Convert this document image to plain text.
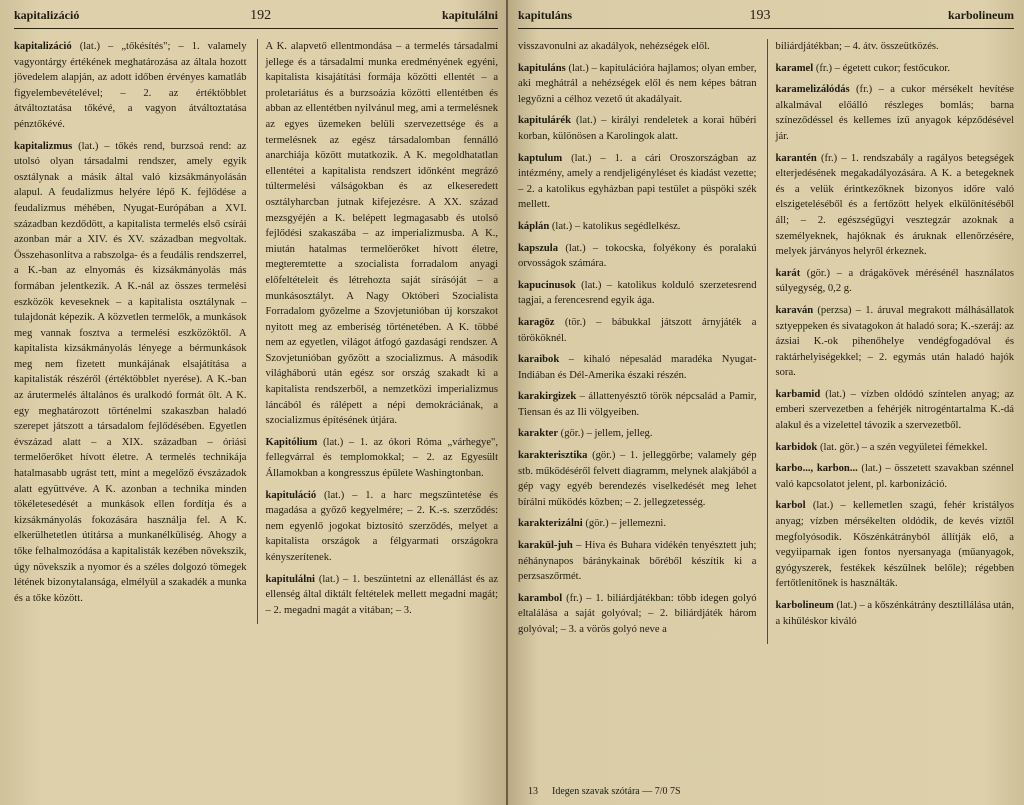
kapitalizáció	192	kapitulálni

kapitalizáció (lat.) – „tőkésítés"; – 1. valamely vagyontárgy értékének meghatározása az általa hozott jövedelem alapján, az adott időben érvényes kamatláb figyelembevételével; – 2. az értéktöbblet átváltoztatása tőkévé, a vagyon átváltoztatása pénztőkévé.

kapitalizmus (lat.) – tőkés rend, burzsoá rend: az utolsó olyan társadalmi rendszer, amely egyik osztálynak a másik által való kizsákmányolásán alapul. A feudalizmus helyére lépő K. fejlődése a feudalizmus méhében, Nyugat-Európában a XVI. században kezdődött, a kapitalista termelés első csírái azonban már a XIV. és XV. században megvoltak. Összehasonlítva a rabszolga- és a feudális rendszerrel, a K.-ban az elnyomás és kizsákmányolás más formában jelentkezik. A K.-nál az összes termelési eszközök keveseknek – a kapitalista osztálynak – tulajdonát képezik. A közvetlen termelők, a munkások meg vannak fosztva a termelési eszközöktől. A kapitalista kizsákmányolás lényege a bérmunkások meg nem fizetett munkájának elsajátítása a kapitalisták részéről (értéktöbblet nyerése). A K.-ban az árutermelés általános és uralkodó formát ölt. A K. egy meghatározott történelmi szakaszban haladó szerepet játszott a társadalom fejlődésében. Egyetlen évszázad alatt – a XIX. században – óriási termelőerőket hívott életre. A termelés technikája hatalmasabb ugrást tett, mint a megelőző évszázadok alatt együttvéve. A K. azonban a technika minden tökéletesedését a munkások ellen fordítja és a kizsákmányolás fokozására használja fel. A K. elkerülhetetlen útitársa a munkanélküliség. Ahogy a tőke felhalmozódása a kapitalisták kezében növekszik, úgy növekszik a nyomor és a széles dolgozó tömegek létének bizonytalansága, elmélyül a szakadék a munka és a tőke között.

A K. alapvető ellentmondása – a termelés társadalmi jellege és a társadalmi munka eredményének egyéni, kapitalista kisajátítási formája közötti ellentét – a proletariátus és a burzsoázia közötti ellentétben és abban az ellentétben nyilvánul meg, ami a termelésnek az egyes üzemeken belüli szervezettsége és a termelésnek az egész társadalomban fennálló anarchiája között mutatkozik. A K. megoldhatatlan ellentétei a kapitalista rendszert időnként megrázó túltermelési válságokban és az elkeseredett osztályharcban jutnak kifejezésre. A XX. század mezsgyéjén a K. belépett legmagasabb és utolsó fejlődési szakaszába – az imperializmusba. A K., miután hatalmas termelőerőket hívott életre, megteremtette a szocialista forradalom anyagi előfeltételeit és létrehozta saját sírásóját – a munkásosztályt. A Nagy Októberi Szocialista Forradalom győzelme a Szovjetunióban új korszakot nyitott meg az emberiség történetében. A K. többé nem az egyetlen, világot átfogó gazdasági rendszer. A Szovjetunióban győzött a szocializmus. A második világháború után egész sor ország szakadt ki a kapitalista rendszerből, a nemzetközi imperializmus láncából és rálépett a népi demokráciának, a szocializmus építésének útjára.

Kapitólium (lat.) – 1. az ókori Róma „várhegye", fellegvárral és templomokkal; – 2. az Egyesült Államokban a kongresszus épülete Washingtonban.

kapituláció (lat.) – 1. a harc megszüntetése és magadása a győző kegyelmére; – 2. K.-s. szerződés: nem egyenlő jogokat biztosító szerződés, melyet a kapitalista országok a félgyarmati országokra kényszerítenek.

kapitulálni (lat.) – 1. beszüntetni az ellenállást és az ellenség által diktált feltételek mellett megadni magát; – 2. megadni magát a vitában; – 3.

kapituláns	193	karbolineum

visszavonulni az akadályok, nehézségek elől.

kapituláns (lat.) – kapitulációra hajlamos; olyan ember, aki meghátrál a nehézségek elől és nem képes bátran legyőzni a célhoz vezető út akadályait.

kapitulárék (lat.) – királyi rendeletek a korai hűbéri korban, különösen a Karolingok alatt.

kaptulum (lat.) – 1. a cári Oroszországban az intézmény, amely a rendjeligényléset és kiadást vezette; – 2. a katolikus egyházban papi testület a püspöki szék mellett.

káplán (lat.) – katolikus segédlelkész.

kapszula (lat.) – tokocska, folyékony és poralakú orvosságok számára.

kapucinusok (lat.) – katolikus kolduló szerzetesrend tagjai, a ferencesrend egyik ága.

karagöz (tör.) – bábukkal játszott árnyjáték a törököknél.

karaibok – kihaló népesalád maradéka Nyugat-Indiában és Dél-Amerika északi részén.

karakirgizek – állattenyésztő török népcsalád a Pamir, Tiensan és az Ili völgyeiben.

karakter (gör.) – jellem, jelleg.

karakterisztika (gör.) – 1. jelleggörbe; valamely gép stb. működéséről felvett diagramm, melynek alakjából a gép vagy egyéb berendezés viselkedését meg lehet bírálni működés közben; – 2. jellegzetesség.

karakterizálni (gör.) – jellemezni.

karakül-juh – Hiva és Buhara vidékén tenyésztett juh; néhánynapos báránykainak bőréből készítik ki a perzsaszőrmét.

karambol (fr.) – 1. biliárdjátékban: több idegen golyó eltalálása a saját golyóval; – 2. biliárdjáték három golyóval; – 3. a vörös golyó neve a

biliárdjátékban; – 4. átv. összeütközés.

karamel (fr.) – égetett cukor; festőcukor.

karamelizálódás (fr.) – a cukor mérsékelt hevítése alkalmával előálló részleges bomlás; barna színeződéssel és kellemes ízű anyagok képződésével jár.

karantén (fr.) – 1. rendszabály a ragályos betegségek elterjedésének megakadályozására. A K. a betegeknek és a velük érintkezőknek bizonyos időre való elszigeteléséből és a fertőzött helyek elkülönítéséből áll; – 2. egészségügyi vesztegzár azoknak a személyeknek, hajóknak és áruknak ellenőrzésére, melyek járványos helyről érkeznek.

karát (gör.) – a drágakövek mérésénél használatos súlyegység, 0,2 g.

karaván (perzsa) – 1. áruval megrakott málhásállatok sztyeppeken és sivatagokon át haladó sora; K.-szeráj: az ázsiai K.-ok pihenőhelye vendégfogadóval és raktárhelyiségekkel; – 2. egymás után haladó hajók sora.

karbamid (lat.) – vízben oldódó színtelen anyag; az emberi szervezetben a fehérjék nitrogéntartalma K.-dá alakul és a vizelettel távozik a szervezetből.

karbidok (lat. gör.) – a szén vegyületei fémekkel.

karbo..., karbon... (lat.) – összetett szavakban szénnel való kapcsolatot jelent, pl. karbonizáció.

karbol (lat.) – kellemetlen szagú, fehér kristályos anyag; vízben mérsékelten oldódik, de kevés víztől megfolyósodik. Kőszénkátrányból állítják elő, a vegyiiparnak igen fontos nyersanyaga (műanyagok, gyógyszerek, festékek készülnek belőle); régebben fertőtlenítőnek is használták.

karbolineum (lat.) – a kőszénkátrány desztillálása után, a kihűléskor kiváló

13 Idegen szavak szótára — 7/0 7S
